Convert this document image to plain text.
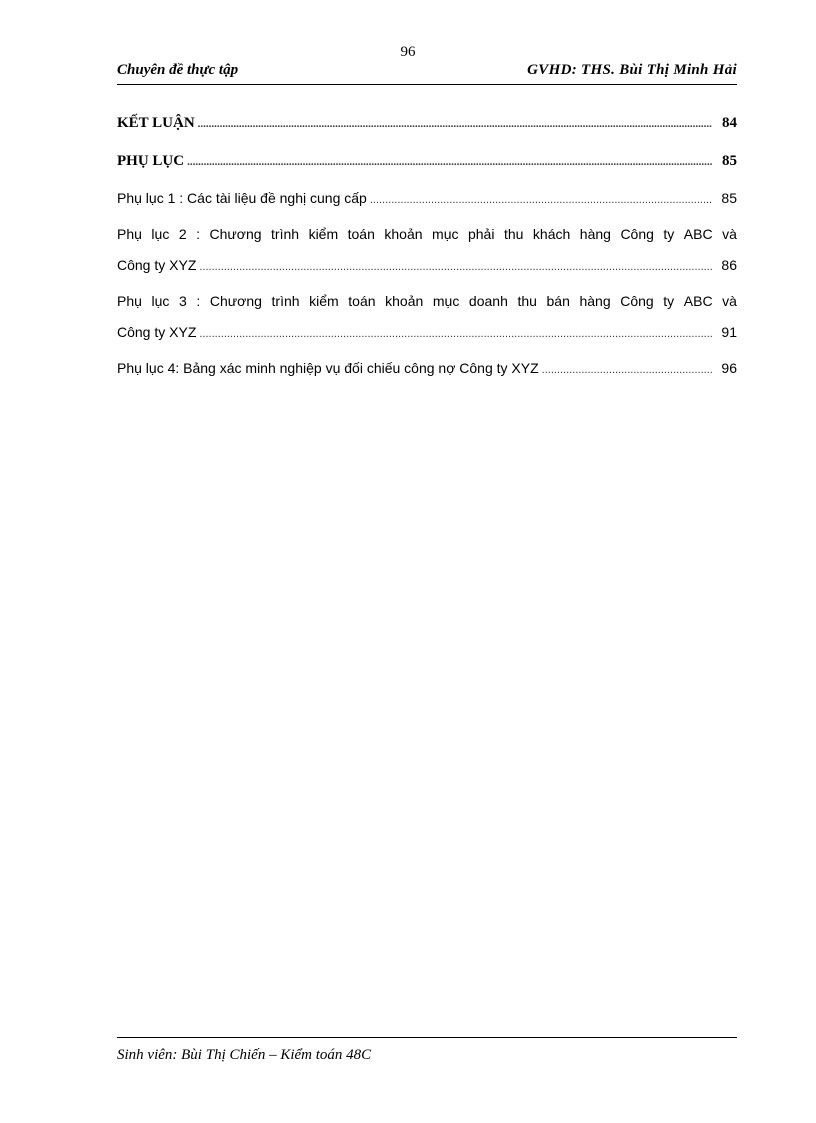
96
Chuyên đề thực tập	GVHD: THS. Bùi Thị Minh Hải
KẾT LUẬN .....	84
PHỤ LỤC .....	85
Phụ lục 1 : Các tài liệu đề nghị cung cấp .....	85
Phụ lục 2 : Chương trình kiểm toán khoản mục phải thu khách hàng Công ty ABC và
Công ty XYZ .....	86
Phụ lục 3 : Chương trình kiểm toán khoản mục doanh thu bán hàng Công ty ABC và
Công ty XYZ .....	91
Phụ lục 4: Bảng xác minh nghiệp vụ đối chiếu công nợ Công ty XYZ .....	96
Sinh viên: Bùi Thị Chiến – Kiểm toán 48C
